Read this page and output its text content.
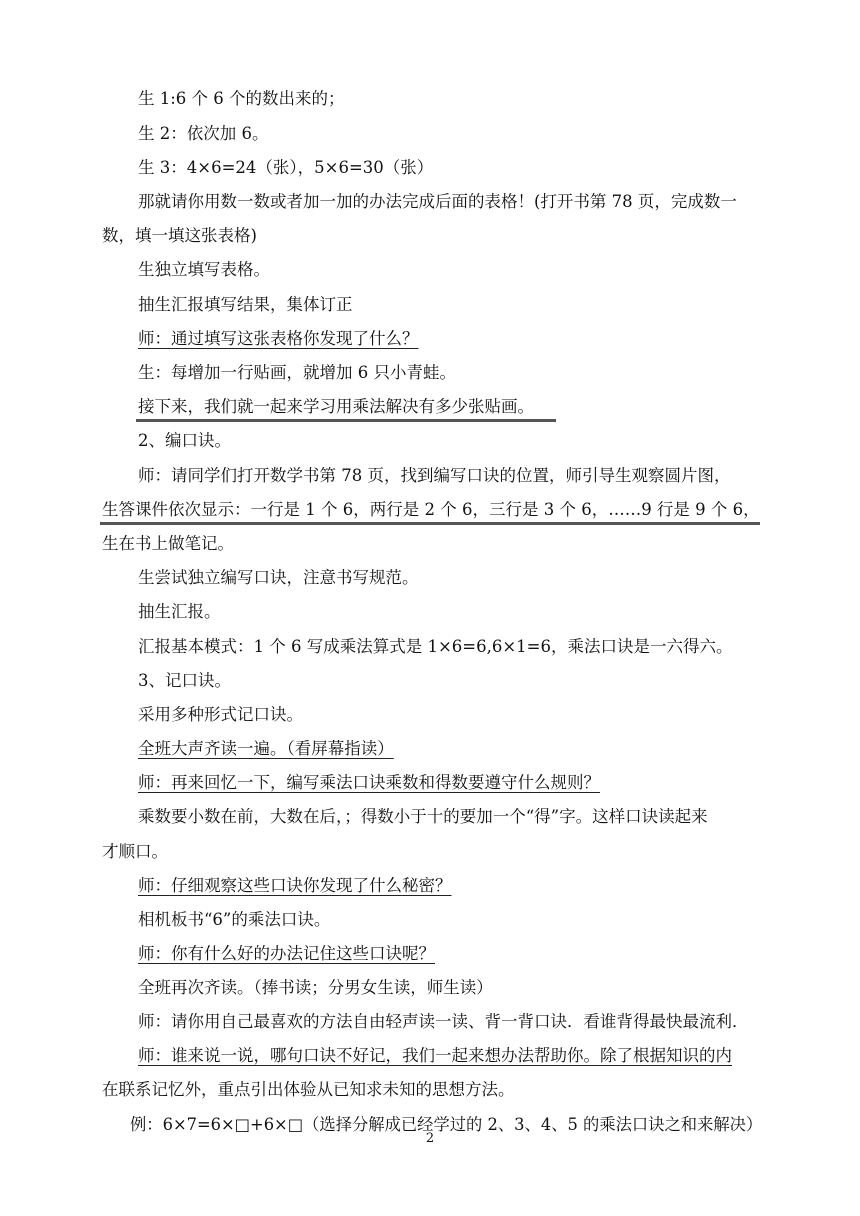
生 1:6 个 6 个的数出来的；
生 2：依次加 6。
生 3：4×6=24（张），5×6=30（张）
那就请你用数一数或者加一加的办法完成后面的表格！(打开书第 78 页，完成数一
数，填一填这张表格)
生独立填写表格。
抽生汇报填写结果，集体订正
师：通过填写这张表格你发现了什么？
生：每增加一行贴画，就增加 6 只小青蛙。
接下来，我们就一起来学习用乘法解决有多少张贴画。
2、编口诀。
师：请同学们打开数学书第 78 页，找到编写口诀的位置，师引导生观察圆片图，
生答课件依次显示：一行是 1 个 6，两行是 2 个 6，三行是 3 个 6，……9 行是 9 个 6，
生在书上做笔记。
生尝试独立编写口诀，注意书写规范。
抽生汇报。
汇报基本模式：1 个 6 写成乘法算式是 1×6=6,6×1=6，乘法口诀是一六得六。
3、记口诀。
采用多种形式记口诀。
全班大声齐读一遍。（看屏幕指读）
师：再来回忆一下，编写乘法口诀乘数和得数要遵守什么规则？
乘数要小数在前，大数在后，；得数小于十的要加一个“得”字。这样口诀读起来
才顺口。
师：仔细观察这些口诀你发现了什么秘密？
相机板书“6”的乘法口诀。
师：你有什么好的办法记住这些口诀呢？
全班再次齐读。（捧书读；分男女生读，师生读）
师：请你用自己最喜欢的方法自由轻声读一读、背一背口诀．看谁背得最快最流利．
师：谁来说一说，哪句口诀不好记，我们一起来想办法帮助你。除了根据知识的内
在联系记忆外，重点引出体验从已知求未知的思想方法。
例：6×7=6×□+6×□（选择分解成已经学过的 2、3、4、5 的乘法口诀之和来解决）
2
